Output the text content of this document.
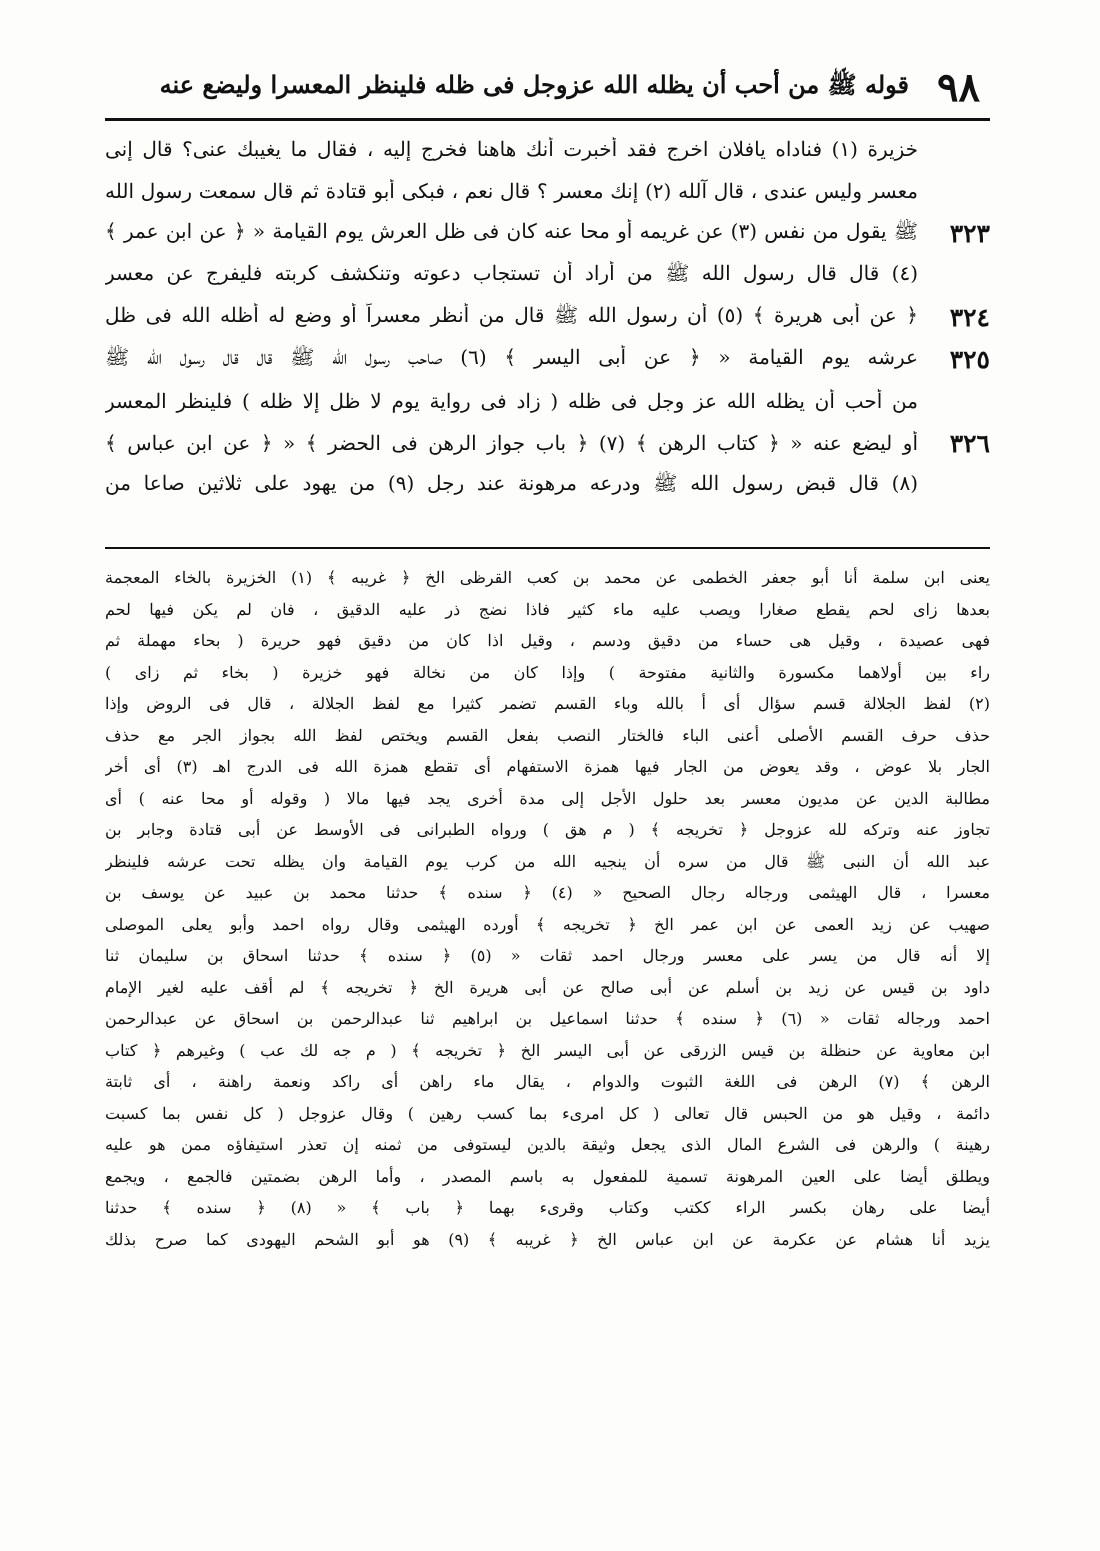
٩٨
قوله ﷺ من أحب أن يظله الله عزوجل فى ظله فلينظر المعسرا وليضع عنه
خزيرة (١) فناداه يافلان اخرج فقد أخبرت أنك هاهنا فخرج إليه ، فقال ما يغيبك عنى؟ قال إنى
معسر وليس عندى ، قال آلله (٢) إنك معسر ؟ قال نعم ، فبكى أبو قتادة ثم قال سمعت رسول الله
٣٢٣
ﷺ يقول من نفس (٣) عن غريمه أو محا عنه كان فى ظل العرش يوم القيامة « ﴿ عن ابن عمر ﴾
(٤) قال قال رسول الله ﷺ من أراد أن تستجاب دعوته وتنكشف كربته فليفرج عن معسر
٣٢٤
﴿ عن أبى هريرة ﴾ (٥) أن رسول الله ﷺ قال من أنظر معسراً أو وضع له أظله الله فى ظل
٣٢٥
عرشه يوم القيامة « ﴿ عن أبى اليسر ﴾ (٦) صاحب رسول الله ﷺ قال قال رسول الله ﷺ
من أحب أن يظله الله عز وجل فى ظله ( زاد فى رواية يوم لا ظل إلا ظله ) فلينظر المعسر
٣٢٦
أو ليضع عنه « ﴿ كتاب الرهن ﴾ (٧) ﴿ باب جواز الرهن فى الحضر ﴾ « ﴿ عن ابن عباس ﴾
(٨) قال قبض رسول الله ﷺ ودرعه مرهونة عند رجل (٩) من يهود على ثلاثين صاعا من
يعنى ابن سلمة أنا أبو جعفر الخطمى عن محمد بن كعب القرظى الخ ﴿ غريبه ﴾ (١) الخزيرة بالخاء المعجمة
بعدها زاى لحم يقطع صغارا ويصب عليه ماء كثير فاذا نضج ذر عليه الدقيق ، فان لم يكن فيها لحم
فهى عصيدة ، وقيل هى حساء من دقيق ودسم ، وقيل اذا كان من دقيق فهو حريرة ( بحاء مهملة ثم
راء بين أولاهما مكسورة والثانية مفتوحة ) وإذا كان من نخالة فهو خزيرة ( بخاء ثم زاى )
(٢) لفظ الجلالة قسم سؤال أى أ بالله وباء القسم تضمر كثيرا مع لفظ الجلالة ، قال فى الروض وإذا
حذف حرف القسم الأصلى أعنى الباء فالختار النصب بفعل القسم ويختص لفظ الله بجواز الجر مع حذف
الجار بلا عوض ، وقد يعوض من الجار فيها همزة الاستفهام أى تقطع همزة الله فى الدرج اهـ (٣) أى أخر
مطالبة الدين عن مديون معسر بعد حلول الأجل إلى مدة أخرى يجد فيها مالا ( وقوله أو محا عنه ) أى
تجاوز عنه وتركه لله عزوجل ﴿ تخريجه ﴾ ( م هق ) ورواه الطبرانى فى الأوسط عن أبى قتادة وجابر بن
عبد الله أن النبى ﷺ قال من سره أن ينجيه الله من كرب يوم القيامة وان يظله تحت عرشه فلينظر
معسرا ، قال الهيثمى ورجاله رجال الصحيح « (٤) ﴿ سنده ﴾ حدثنا محمد بن عبيد عن يوسف بن
صهيب عن زيد العمى عن ابن عمر الخ ﴿ تخريجه ﴾ أورده الهيثمى وقال رواه احمد وأبو يعلى الموصلى
إلا أنه قال من يسر على معسر ورجال احمد ثقات « (٥) ﴿ سنده ﴾ حدثنا اسحاق بن سليمان ثنا
داود بن قيس عن زيد بن أسلم عن أبى صالح عن أبى هريرة الخ ﴿ تخريجه ﴾ لم أقف عليه لغير الإمام
احمد ورجاله ثقات « (٦) ﴿ سنده ﴾ حدثنا اسماعيل بن ابراهيم ثنا عبدالرحمن بن اسحاق عن عبدالرحمن
ابن معاوية عن حنظلة بن قيس الزرقى عن أبى اليسر الخ ﴿ تخريجه ﴾ ( م جه لك عب ) وغيرهم ﴿ كتاب
الرهن ﴾ (٧) الرهن فى اللغة الثبوت والدوام ، يقال ماء راهن أى راكد ونعمة راهنة ، أى ثابتة
دائمة ، وقيل هو من الحبس قال تعالى ( كل امرىء بما كسب رهين ) وقال عزوجل ( كل نفس بما كسبت
رهينة ) والرهن فى الشرع المال الذى يجعل وثيقة بالدين ليستوفى من ثمنه إن تعذر استيفاؤه ممن هو عليه
ويطلق أيضا على العين المرهونة تسمية للمفعول به باسم المصدر ، وأما الرهن بضمتين فالجمع ، ويجمع
أيضا على رهان بكسر الراء ككتب وكتاب وقرىء بهما ﴿ باب ﴾ « (٨) ﴿ سنده ﴾ حدثنا
يزيد أنا هشام عن عكرمة عن ابن عباس الخ ﴿ غريبه ﴾ (٩) هو أبو الشحم اليهودى كما صرح بذلك
